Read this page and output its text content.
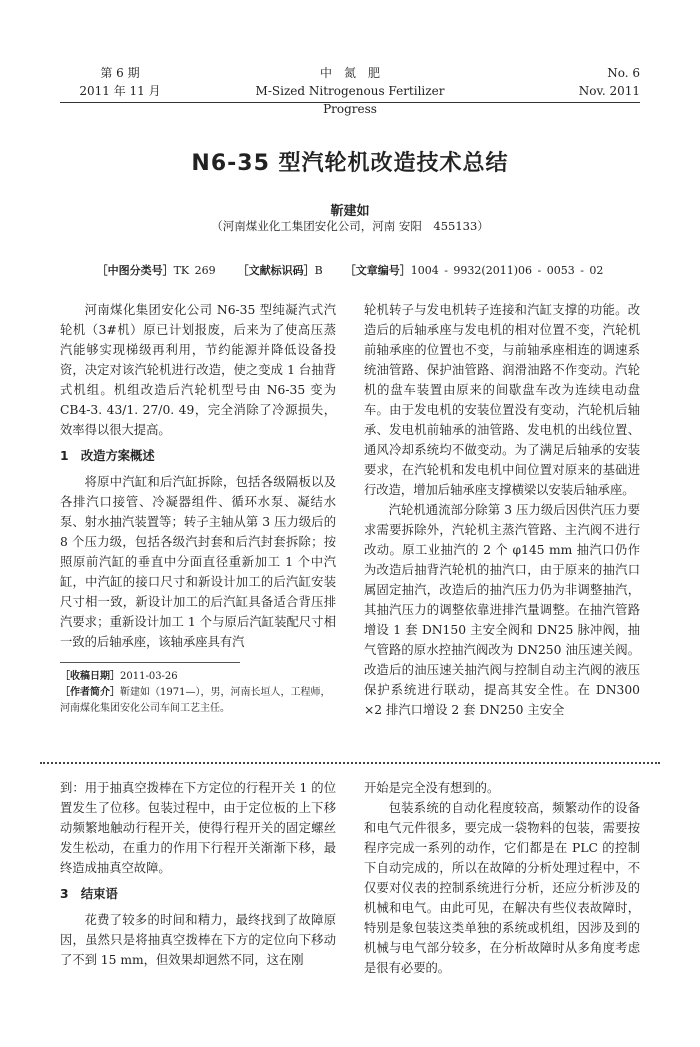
第 6 期
2011 年 11 月
中　氮　肥
M-Sized Nitrogenous Fertilizer Progress
No. 6
Nov. 2011
N6-35 型汽轮机改造技术总结
靳建如
（河南煤业化工集团安化公司，河南 安阳　455133）
［中图分类号］TK 269 ［文献标识码］B ［文章编号］1004 - 9932(2011)06 - 0053 - 02

河南煤化集团安化公司 N6-35 型纯凝汽式汽轮机（3#机）原已计划报废，后来为了使高压蒸汽能够实现梯级再利用，节约能源并降低设备投资，决定对该汽轮机进行改造，使之变成 1 台抽背式机组。机组改造后汽轮机型号由 N6-35 变为 CB4-3. 43/1. 27/0. 49，完全消除了冷源损失，效率得以很大提高。

1　改造方案概述

将原中汽缸和后汽缸拆除，包括各级隔板以及各排汽口接管、冷凝器组件、循环水泵、凝结水泵、射水抽汽装置等；转子主轴从第 3 压力级后的 8 个压力级，包括各级汽封套和后汽封套拆除；按照原前汽缸的垂直中分面直径重新加工 1 个中汽缸，中汽缸的接口尺寸和新设计加工的后汽缸安装尺寸相一致，新设计加工的后汽缸具备适合背压排汽要求；重新设计加工 1 个与原后汽缸装配尺寸相一致的后轴承座，该轴承座具有汽

轮机转子与发电机转子连接和汽缸支撑的功能。改造后的后轴承座与发电机的相对位置不变，汽轮机前轴承座的位置也不变，与前轴承座相连的调速系统油管路、保护油管路、润滑油路不作变动。汽轮机的盘车装置由原来的间歇盘车改为连续电动盘车。由于发电机的安装位置没有变动，汽轮机后轴承、发电机前轴承的油管路、发电机的出线位置、通风冷却系统均不做变动。为了满足后轴承的安装要求，在汽轮机和发电机中间位置对原来的基础进行改造，增加后轴承座支撑横梁以安装后轴承座。

汽轮机通流部分除第 3 压力级后因供汽压力要求需要拆除外，汽轮机主蒸汽管路、主汽阀不进行改动。原工业抽汽的 2 个 φ145 mm 抽汽口仍作为改造后抽背汽轮机的抽汽口，由于原来的抽汽口属固定抽汽，改造后的抽汽压力仍为非调整抽汽，其抽汽压力的调整依靠进排汽量调整。在抽汽管路增设 1 套 DN150 主安全阀和 DN25 脉冲阀，抽气管路的原水控抽汽阀改为 DN250 油压速关阀。改造后的油压速关抽汽阀与控制自动主汽阀的液压保护系统进行联动，提高其安全性。在 DN300 ×2 排汽口增设 2 套 DN250 主安全

［收稿日期］2011-03-26
［作者简介］靳建如（1971—），男，河南长垣人，工程师，河南煤化集团安化公司车间工艺主任。

到：用于抽真空拨棒在下方定位的行程开关 1 的位置发生了位移。包装过程中，由于定位板的上下移动频繁地触动行程开关，使得行程开关的固定螺丝发生松动，在重力的作用下行程开关渐渐下移，最终造成抽真空故障。

3　结束语

花费了较多的时间和精力，最终找到了故障原因，虽然只是将抽真空拨棒在下方的定位向下移动了不到 15 mm，但效果却迥然不同，这在刚

开始是完全没有想到的。

包装系统的自动化程度较高，频繁动作的设备和电气元件很多，要完成一袋物料的包装，需要按程序完成一系列的动作，它们都是在 PLC 的控制下自动完成的，所以在故障的分析处理过程中，不仅要对仪表的控制系统进行分析，还应分析涉及的机械和电气。由此可见，在解决有些仪表故障时，特别是象包装这类单独的系统或机组，因涉及到的机械与电气部分较多，在分析故障时从多角度考虑是很有必要的。
